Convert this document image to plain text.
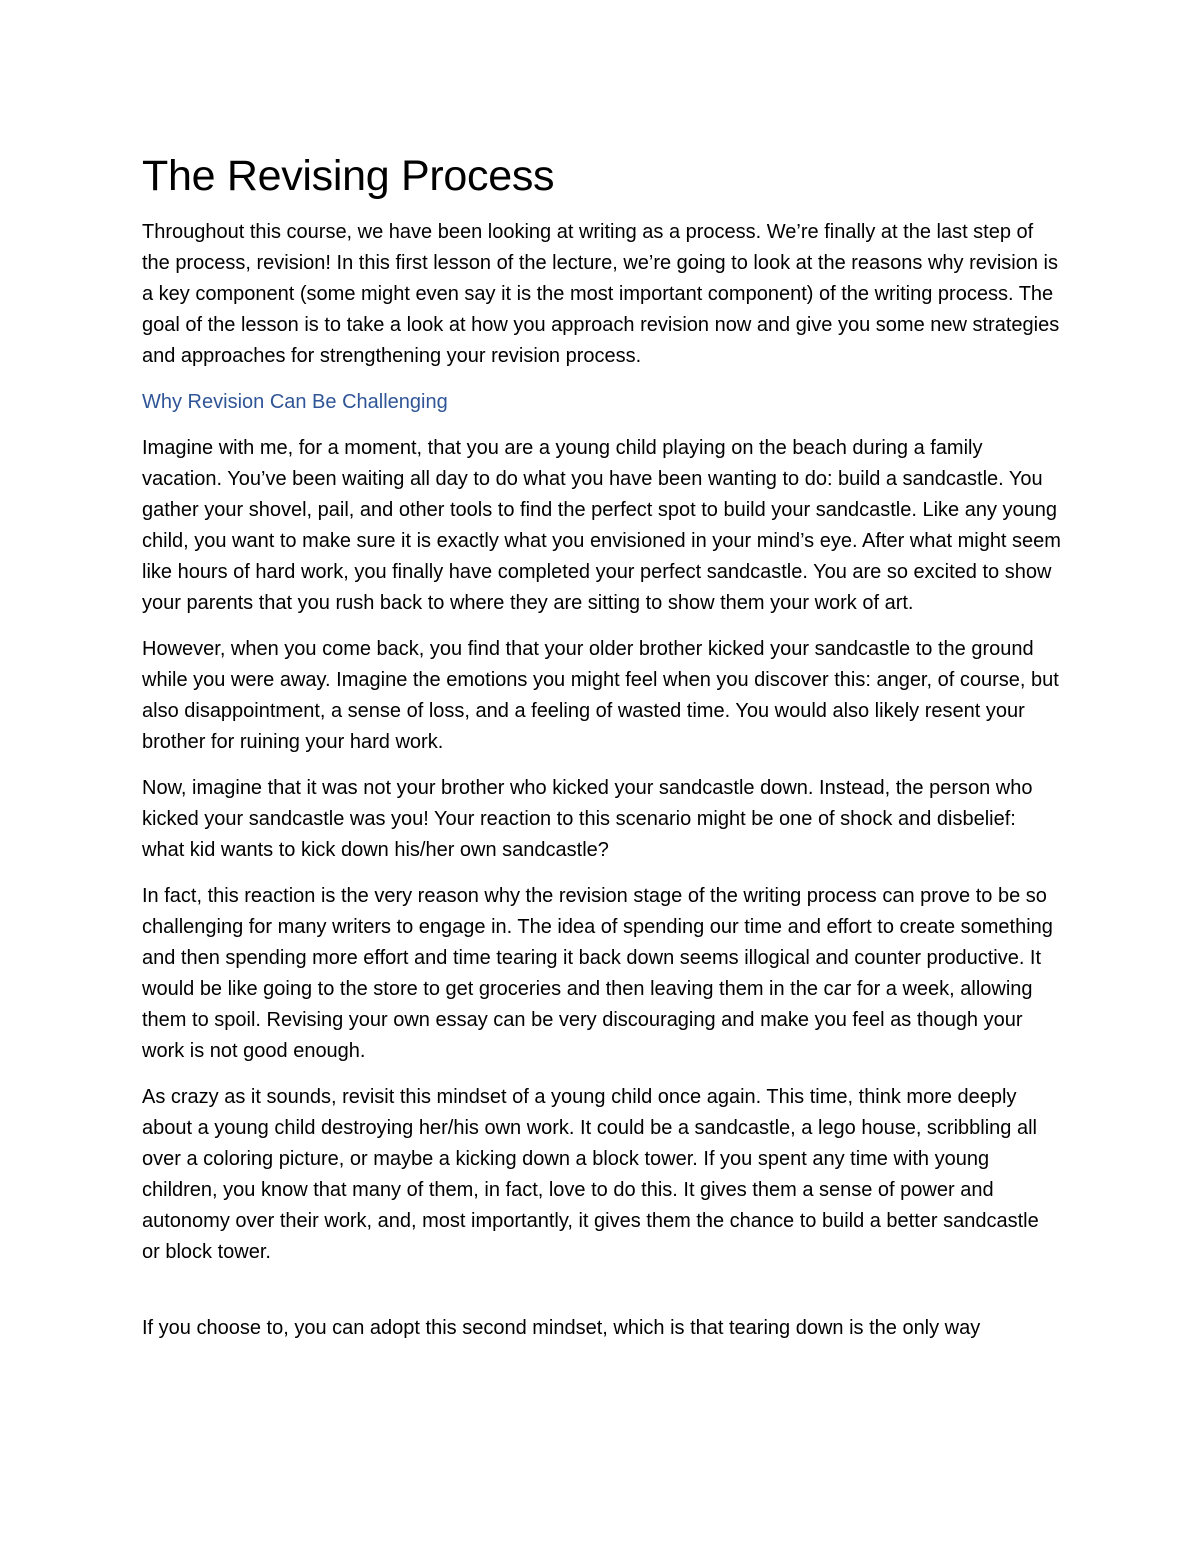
The Revising Process

Throughout this course, we have been looking at writing as a process. We’re finally at the last step of the process, revision! In this first lesson of the lecture, we’re going to look at the reasons why revision is a key component (some might even say it is the most important component) of the writing process. The goal of the lesson is to take a look at how you approach revision now and give you some new strategies and approaches for strengthening your revision process.

Why Revision Can Be Challenging

Imagine with me, for a moment, that you are a young child playing on the beach during a family vacation. You’ve been waiting all day to do what you have been wanting to do: build a sandcastle. You gather your shovel, pail, and other tools to find the perfect spot to build your sandcastle. Like any young child, you want to make sure it is exactly what you envisioned in your mind’s eye. After what might seem like hours of hard work, you finally have completed your perfect sandcastle. You are so excited to show your parents that you rush back to where they are sitting to show them your work of art.

However, when you come back, you find that your older brother kicked your sandcastle to the ground while you were away. Imagine the emotions you might feel when you discover this: anger, of course, but also disappointment, a sense of loss, and a feeling of wasted time. You would also likely resent your brother for ruining your hard work.

Now, imagine that it was not your brother who kicked your sandcastle down. Instead, the person who kicked your sandcastle was you! Your reaction to this scenario might be one of shock and disbelief: what kid wants to kick down his/her own sandcastle?

In fact, this reaction is the very reason why the revision stage of the writing process can prove to be so challenging for many writers to engage in. The idea of spending our time and effort to create something and then spending more effort and time tearing it back down seems illogical and counter productive. It would be like going to the store to get groceries and then leaving them in the car for a week, allowing them to spoil. Revising your own essay can be very discouraging and make you feel as though your work is not good enough.

As crazy as it sounds, revisit this mindset of a young child once again. This time, think more deeply about a young child destroying her/his own work. It could be a sandcastle, a lego house, scribbling all over a coloring picture, or maybe a kicking down a block tower. If you spent any time with young children, you know that many of them, in fact, love to do this. It gives them a sense of power and autonomy over their work, and, most importantly, it gives them the chance to build a better sandcastle or block tower.

If you choose to, you can adopt this second mindset, which is that tearing down is the only way
